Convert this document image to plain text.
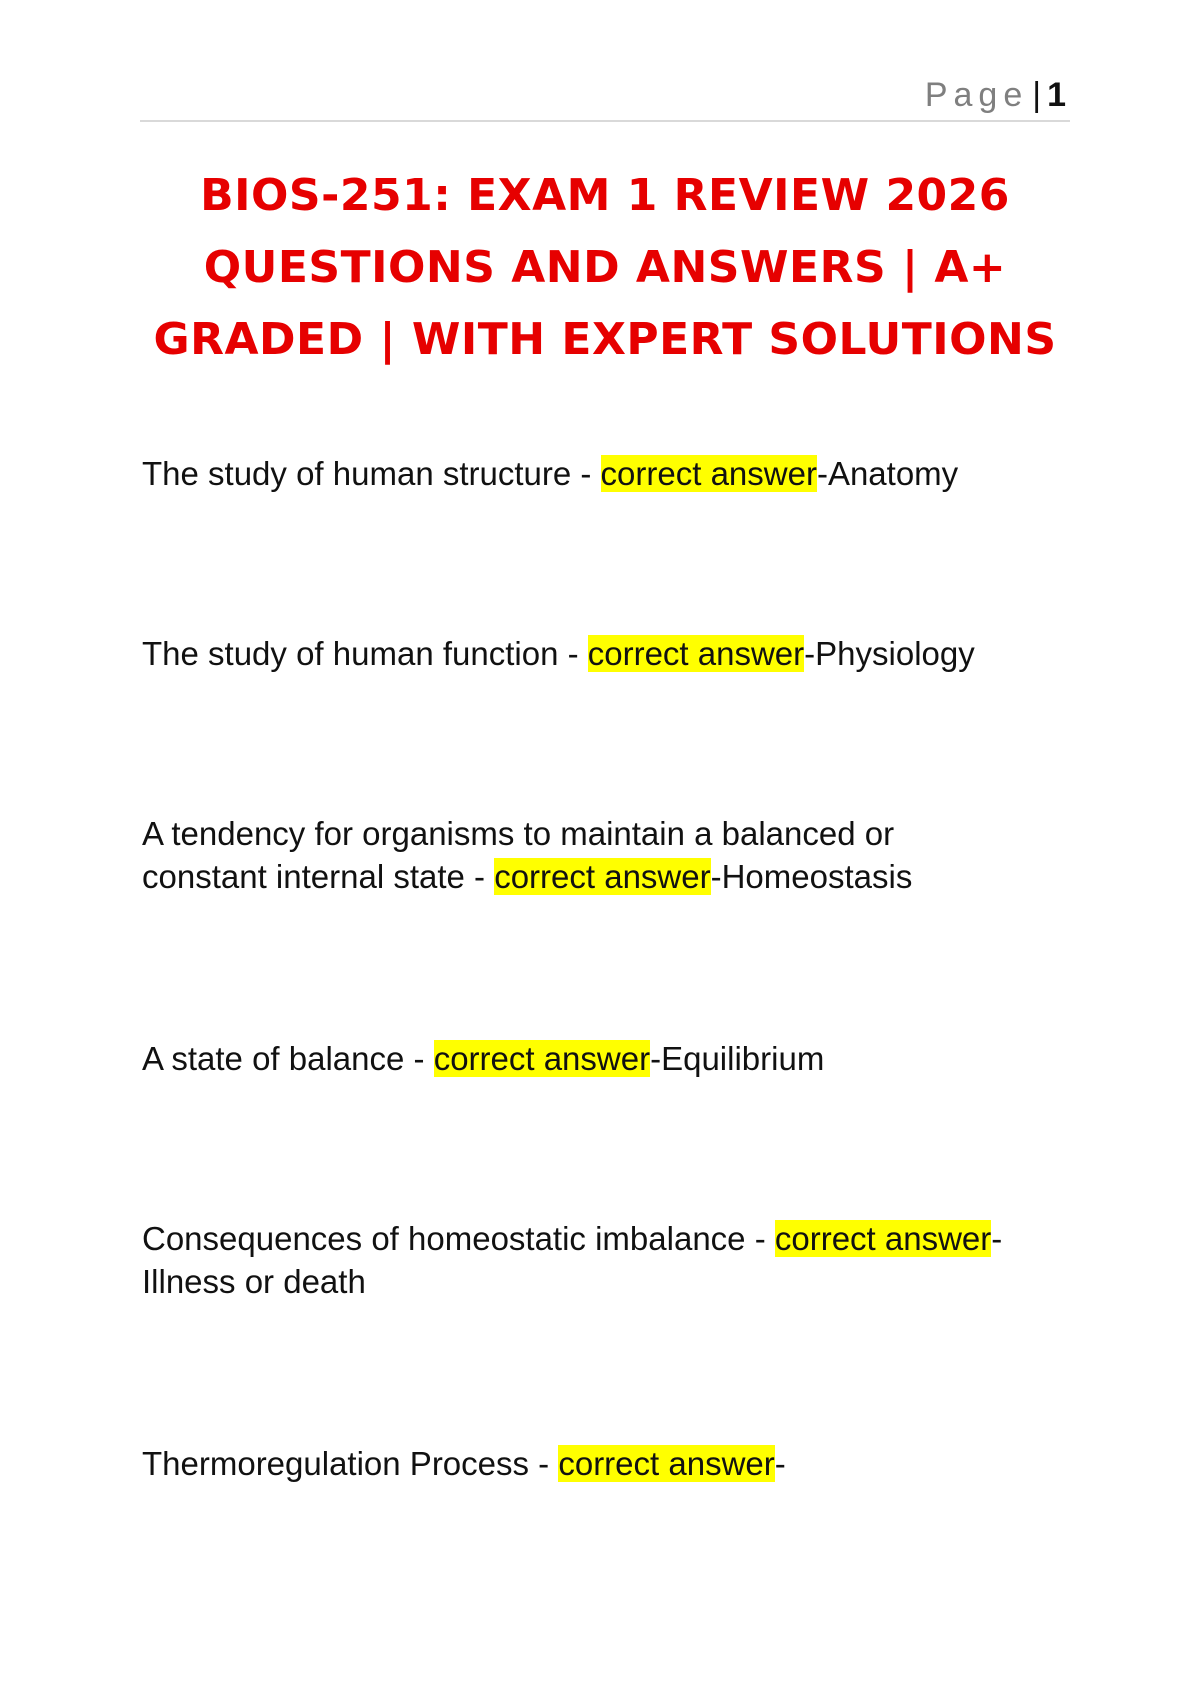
Page | 1
BIOS-251: EXAM 1 REVIEW 2026 QUESTIONS AND ANSWERS | A+ GRADED | WITH EXPERT SOLUTIONS

The study of human structure - correct answer-Anatomy

The study of human function - correct answer-Physiology

A tendency for organisms to maintain a balanced or constant internal state - correct answer-Homeostasis

A state of balance - correct answer-Equilibrium

Consequences of homeostatic imbalance - correct answer-Illness or death

Thermoregulation Process - correct answer-
